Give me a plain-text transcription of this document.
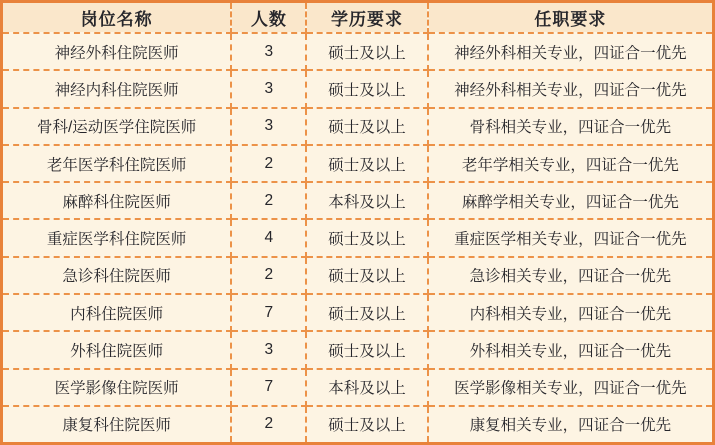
岗位名称	人数	学历要求	任职要求
神经外科住院医师	3	硕士及以上	神经外科相关专业，四证合一优先
神经内科住院医师	3	硕士及以上	神经外科相关专业，四证合一优先
骨科/运动医学住院医师	3	硕士及以上	骨科相关专业，四证合一优先
老年医学科住院医师	2	硕士及以上	老年学相关专业，四证合一优先
麻醉科住院医师	2	本科及以上	麻醉学相关专业，四证合一优先
重症医学科住院医师	4	硕士及以上	重症医学相关专业，四证合一优先
急诊科住院医师	2	硕士及以上	急诊相关专业，四证合一优先
内科住院医师	7	硕士及以上	内科相关专业，四证合一优先
外科住院医师	3	硕士及以上	外科相关专业，四证合一优先
医学影像住院医师	7	本科及以上	医学影像相关专业，四证合一优先
康复科住院医师	2	硕士及以上	康复相关专业，四证合一优先
